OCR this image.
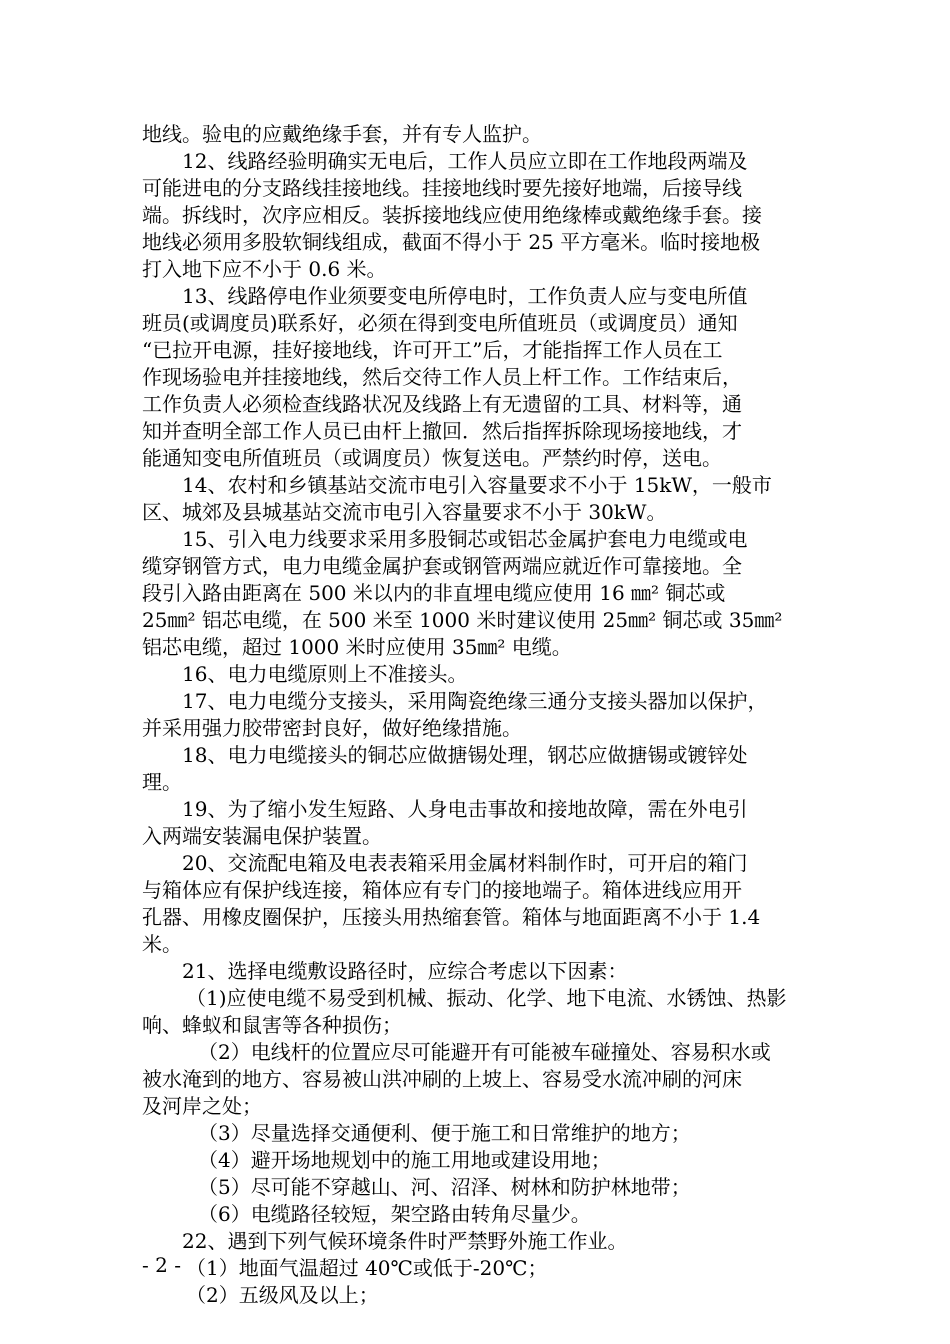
地线。验电的应戴绝缘手套，并有专人监护。
12、线路经验明确实无电后，工作人员应立即在工作地段两端及
可能进电的分支路线挂接地线。挂接地线时要先接好地端，后接导线
端。拆线时，次序应相反。装拆接地线应使用绝缘棒或戴绝缘手套。接
地线必须用多股软铜线组成，截面不得小于 25 平方毫米。临时接地极
打入地下应不小于 0.6 米。
13、线路停电作业须要变电所停电时，工作负责人应与变电所值
班员(或调度员)联系好，必须在得到变电所值班员（或调度员）通知
“已拉开电源，挂好接地线，许可开工”后，才能指挥工作人员在工
作现场验电并挂接地线，然后交待工作人员上杆工作。工作结束后，
工作负责人必须检查线路状况及线路上有无遗留的工具、材料等，通
知并查明全部工作人员已由杆上撤回．然后指挥拆除现场接地线，才
能通知变电所值班员（或调度员）恢复送电。严禁约时停，送电。
14、农村和乡镇基站交流市电引入容量要求不小于 15kW，一般市
区、城郊及县城基站交流市电引入容量要求不小于 30kW。
15、引入电力线要求采用多股铜芯或铝芯金属护套电力电缆或电
缆穿钢管方式，电力电缆金属护套或钢管两端应就近作可靠接地。全
段引入路由距离在 500 米以内的非直埋电缆应使用 16 ㎜² 铜芯或
25㎜² 铝芯电缆，在 500 米至 1000 米时建议使用 25㎜² 铜芯或 35㎜²
铝芯电缆，超过 1000 米时应使用 35㎜² 电缆。
16、电力电缆原则上不准接头。
17、电力电缆分支接头，采用陶瓷绝缘三通分支接头器加以保护，
并采用强力胶带密封良好，做好绝缘措施。
18、电力电缆接头的铜芯应做搪锡处理，钢芯应做搪锡或镀锌处
理。
19、为了缩小发生短路、人身电击事故和接地故障，需在外电引
入两端安装漏电保护装置。
20、交流配电箱及电表表箱采用金属材料制作时，可开启的箱门
与箱体应有保护线连接，箱体应有专门的接地端子。箱体进线应用开
孔器、用橡皮圈保护，压接头用热缩套管。箱体与地面距离不小于 1.4
米。
21、选择电缆敷设路径时，应综合考虑以下因素：
（1)应使电缆不易受到机械、振动、化学、地下电流、水锈蚀、热影
响、蜂蚁和鼠害等各种损伤；
（2）电线杆的位置应尽可能避开有可能被车碰撞处、容易积水或
被水淹到的地方、容易被山洪冲刷的上坡上、容易受水流冲刷的河床
及河岸之处；
（3）尽量选择交通便利、便于施工和日常维护的地方；
（4）避开场地规划中的施工用地或建设用地；
（5）尽可能不穿越山、河、沼泽、树林和防护林地带；
（6）电缆路径较短，架空路由转角尽量少。
22、遇到下列气候环境条件时严禁野外施工作业。
（1）地面气温超过 40℃或低于-20℃；
（2）五级风及以上；
- 2 -
